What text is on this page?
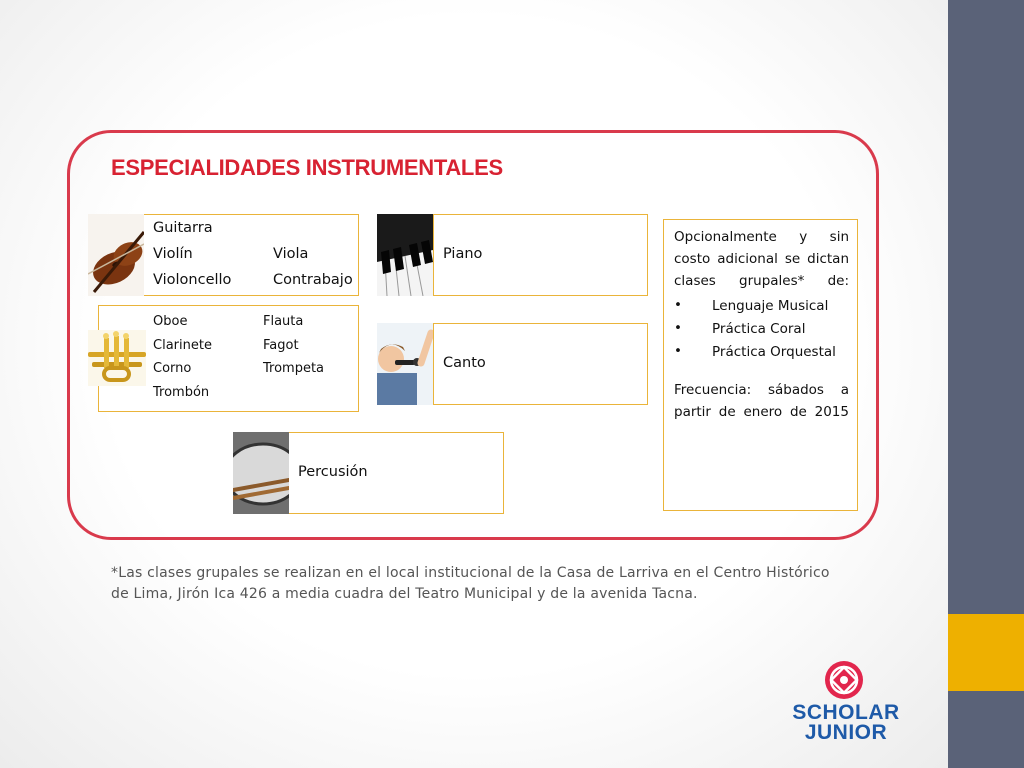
ESPECIALIDADES INSTRUMENTALES
Guitarra
Violín	Viola
Violoncello	Contrabajo
Oboe	Flauta
Clarinete	Fagot
Corno	Trompeta
Trombón
Piano
Canto
Percusión
Opcionalmente y sin costo adicional se dictan clases grupales* de:
• Lenguaje Musical
• Práctica Coral
• Práctica Orquestal
Frecuencia: sábados a partir de enero de 2015
*Las clases grupales se realizan en el local institucional de la Casa de Larriva en el Centro Histórico de Lima, Jirón Ica 426 a media cuadra del Teatro Municipal y de la avenida Tacna.
SCHOLAR
JUNIOR
